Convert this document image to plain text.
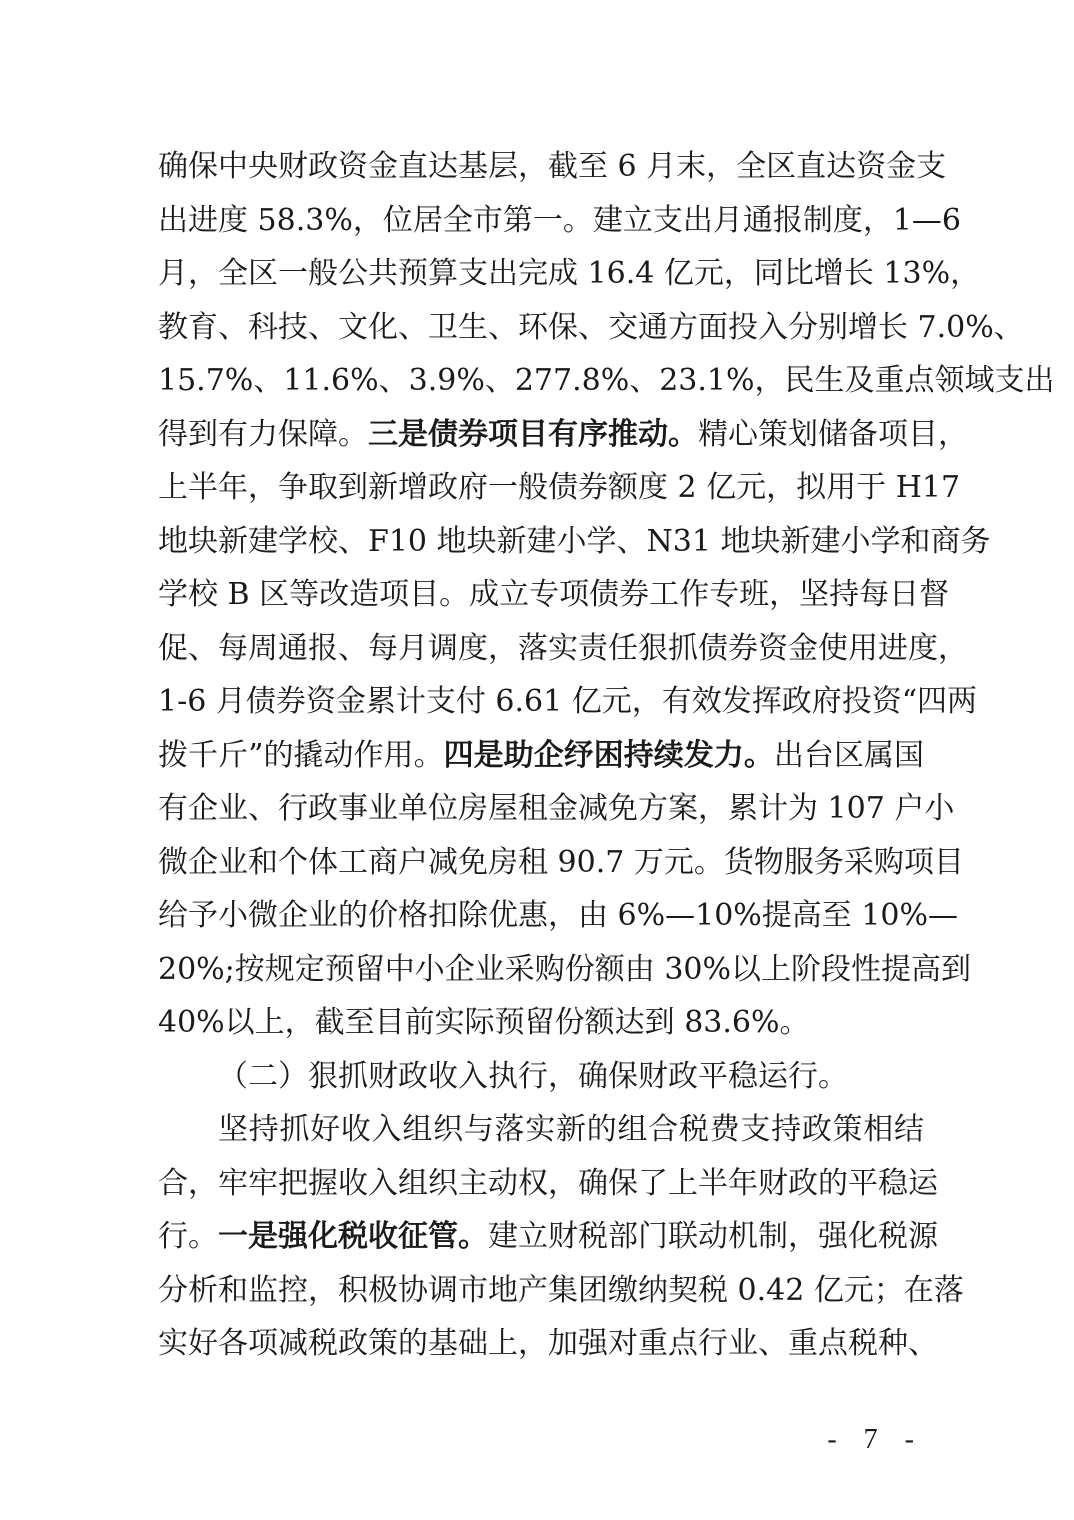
确保中央财政资金直达基层，截至 6 月末，全区直达资金支
出进度 58.3%，位居全市第一。建立支出月通报制度，1—6
月，全区一般公共预算支出完成 16.4 亿元，同比增长 13%，
教育、科技、文化、卫生、环保、交通方面投入分别增长 7.0%、
15.7%、11.6%、3.9%、277.8%、23.1%，民生及重点领域支出
得到有力保障。三是债券项目有序推动。精心策划储备项目，
上半年，争取到新增政府一般债券额度 2 亿元，拟用于 H17
地块新建学校、F10 地块新建小学、N31 地块新建小学和商务
学校 B 区等改造项目。成立专项债券工作专班，坚持每日督
促、每周通报、每月调度，落实责任狠抓债券资金使用进度，
1-6 月债券资金累计支付 6.61 亿元，有效发挥政府投资“四两
拨千斤”的撬动作用。四是助企纾困持续发力。出台区属国
有企业、行政事业单位房屋租金减免方案，累计为 107 户小
微企业和个体工商户减免房租 90.7 万元。货物服务采购项目
给予小微企业的价格扣除优惠，由 6%—10%提高至 10%—
20%;按规定预留中小企业采购份额由 30%以上阶段性提高到
40%以上，截至目前实际预留份额达到 83.6%。
（二）狠抓财政收入执行，确保财政平稳运行。
坚持抓好收入组织与落实新的组合税费支持政策相结
合，牢牢把握收入组织主动权，确保了上半年财政的平稳运
行。一是强化税收征管。建立财税部门联动机制，强化税源
分析和监控，积极协调市地产集团缴纳契税 0.42 亿元；在落
实好各项减税政策的基础上，加强对重点行业、重点税种、
- 7 -
